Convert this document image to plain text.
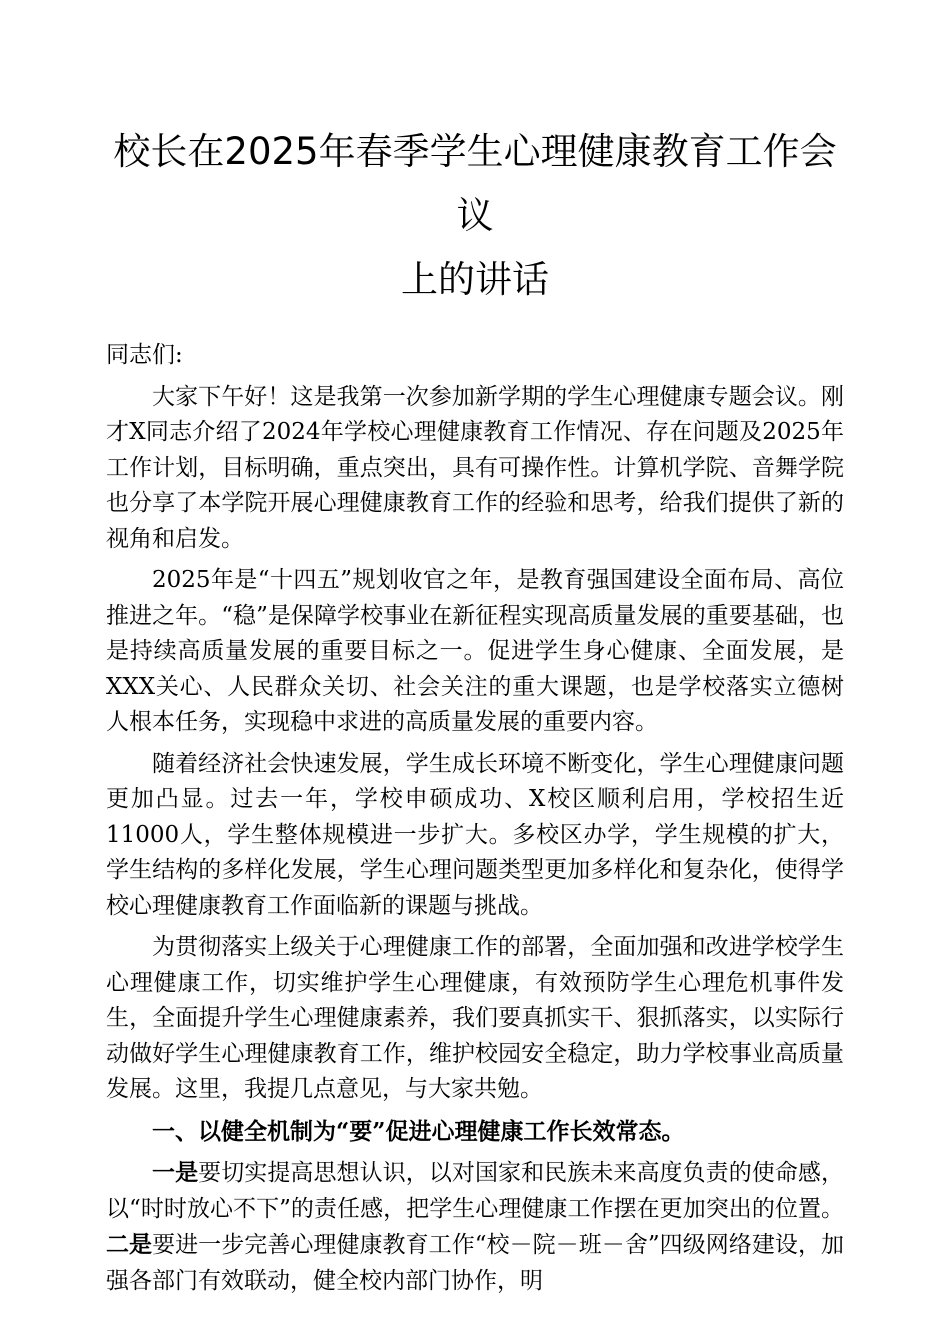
校长在2025年春季学生心理健康教育工作会议
上的讲话

同志们:

大家下午好！这是我第一次参加新学期的学生心理健康专题会议。刚才X同志介绍了2024年学校心理健康教育工作情况、存在问题及2025年工作计划，目标明确，重点突出，具有可操作性。计算机学院、音舞学院也分享了本学院开展心理健康教育工作的经验和思考，给我们提供了新的视角和启发。

2025年是“十四五”规划收官之年，是教育强国建设全面布局、高位推进之年。“稳”是保障学校事业在新征程实现高质量发展的重要基础，也是持续高质量发展的重要目标之一。促进学生身心健康、全面发展，是XXX关心、人民群众关切、社会关注的重大课题，也是学校落实立德树人根本任务，实现稳中求进的高质量发展的重要内容。

随着经济社会快速发展，学生成长环境不断变化，学生心理健康问题更加凸显。过去一年，学校申硕成功、X校区顺利启用，学校招生近11000人，学生整体规模进一步扩大。多校区办学，学生规模的扩大，学生结构的多样化发展，学生心理问题类型更加多样化和复杂化，使得学校心理健康教育工作面临新的课题与挑战。

为贯彻落实上级关于心理健康工作的部署，全面加强和改进学校学生心理健康工作，切实维护学生心理健康，有效预防学生心理危机事件发生，全面提升学生心理健康素养，我们要真抓实干、狠抓落实，以实际行动做好学生心理健康教育工作，维护校园安全稳定，助力学校事业高质量发展。这里，我提几点意见，与大家共勉。

一、以健全机制为“要”促进心理健康工作长效常态。

一是要切实提高思想认识，以对国家和民族未来高度负责的使命感，以“时时放心不下”的责任感，把学生心理健康工作摆在更加突出的位置。二是要进一步完善心理健康教育工作“校－院－班－舍”四级网络建设，加强各部门有效联动，健全校内部门协作，明
